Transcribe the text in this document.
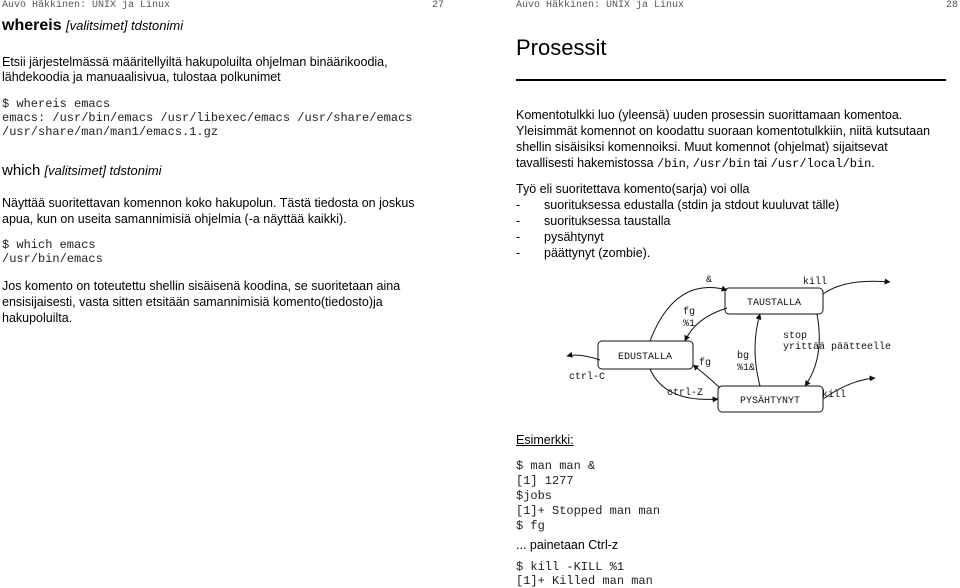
Auvo Häkkinen: UNIX ja Linux	27
whereis [valitsimet] tdstonimi
Etsii järjestelmässä määritellyiltä hakupoluilta ohjelman binäärikoodia,
lähdekoodia ja manuaalisivua, tulostaa polkunimet
$ whereis emacs
emacs: /usr/bin/emacs /usr/libexec/emacs /usr/share/emacs
/usr/share/man/man1/emacs.1.gz
which [valitsimet] tdstonimi
Näyttää suoritettavan komennon koko hakupolun. Tästä tiedosta on joskus
apua, kun on useita samannimisiä ohjelmia (-a näyttää kaikki).
$ which emacs
/usr/bin/emacs
Jos komento on toteutettu shellin sisäisenä koodina, se suoritetaan aina
ensisijaisesti, vasta sitten etsitään samannimisiä komento(tiedosto)ja
hakupoluilta.
Auvo Häkkinen: UNIX ja Linux	28
Prosessit
Komentotulkki luo (yleensä) uuden prosessin suorittamaan komentoa.
Yleisimmät komennot on koodattu suoraan komentotulkkiin, niitä kutsutaan
shellin sisäisiksi komennoiksi. Muut komennot (ohjelmat) sijaitsevat
tavallisesti hakemistossa /bin, /usr/bin tai /usr/local/bin.
Työ eli suoritettava komento(sarja) voi olla
- suorituksessa edustalla (stdin ja stdout kuuluvat tälle)
- suorituksessa taustalla
- pysähtynyt
- päättynyt (zombie).
EDUSTALLA
TAUSTALLA
PYSÄHTYNYT
&	kill
fg
%1
stop
yrittää päätteelle
fg
bg
%1&
ctrl-C
ctrl-Z	kill
Esimerkki:
$ man man &
[1] 1277
$jobs
[1]+ Stopped man man
$ fg
... painetaan Ctrl-z
$ kill -KILL %1
[1]+ Killed man man
